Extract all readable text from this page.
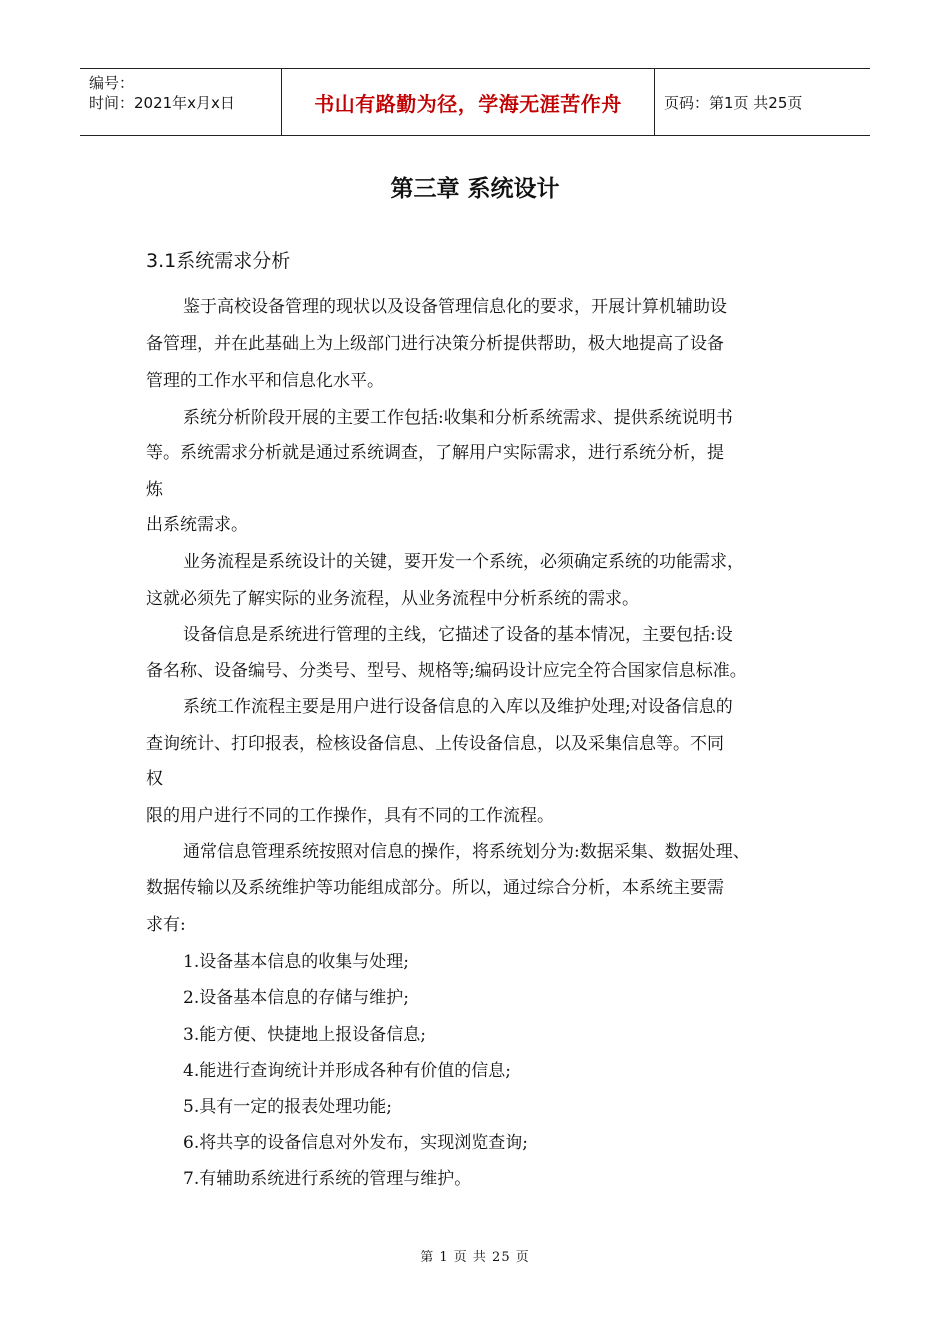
编号：
时间：2021年x月x日	书山有路勤为径，学海无涯苦作舟	页码：第1页 共25页
第三章 系统设计
3.1系统需求分析
鉴于高校设备管理的现状以及设备管理信息化的要求，开展计算机辅助设
备管理，并在此基础上为上级部门进行决策分析提供帮助，极大地提高了设备
管理的工作水平和信息化水平。
系统分析阶段开展的主要工作包括:收集和分析系统需求、提供系统说明书
等。系统需求分析就是通过系统调查，了解用户实际需求，进行系统分析，提
炼
出系统需求。
业务流程是系统设计的关键，要开发一个系统，必须确定系统的功能需求，
这就必须先了解实际的业务流程，从业务流程中分析系统的需求。
设备信息是系统进行管理的主线，它描述了设备的基本情况，主要包括:设
备名称、设备编号、分类号、型号、规格等;编码设计应完全符合国家信息标准。
系统工作流程主要是用户进行设备信息的入库以及维护处理;对设备信息的
查询统计、打印报表，检核设备信息、上传设备信息，以及采集信息等。不同
权
限的用户进行不同的工作操作，具有不同的工作流程。
通常信息管理系统按照对信息的操作，将系统划分为:数据采集、数据处理、
数据传输以及系统维护等功能组成部分。所以，通过综合分析，本系统主要需
求有:
1.设备基本信息的收集与处理;
2.设备基本信息的存储与维护;
3.能方便、快捷地上报设备信息;
4.能进行查询统计并形成各种有价值的信息;
5.具有一定的报表处理功能;
6.将共享的设备信息对外发布，实现浏览查询;
7.有辅助系统进行系统的管理与维护。
第 1 页 共 25 页
